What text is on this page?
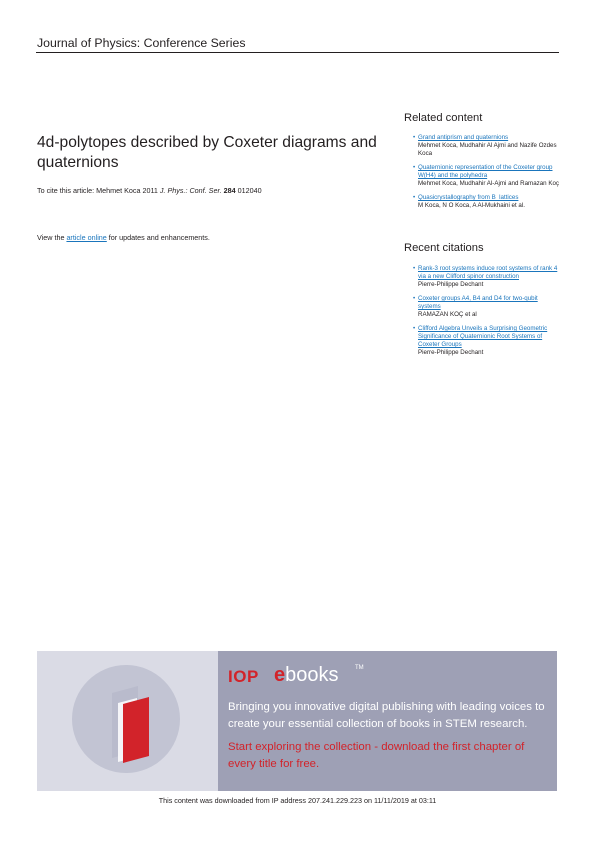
Journal of Physics: Conference Series
4d-polytopes described by Coxeter diagrams and quaternions
To cite this article: Mehmet Koca 2011 J. Phys.: Conf. Ser. 284 012040
View the article online for updates and enhancements.
Related content
• Grand antiprism and quaternions
Mehmet Koca, Mudhahir Al Ajmi and Nazife Ozdes Koca
• Quaternionic representation of the Coxeter group W(H4) and the polyhedra
Mehmet Koca, Mudhahir Al-Ajmi and Ramazan Koç
• Quasicrystallography from B_lattices
M Koca, N O Koca, A Al-Mukhaini et al.
Recent citations
• Rank-3 root systems induce root systems of rank 4 via a new Clifford spinor construction
Pierre-Philippe Dechant
• Coxeter groups A4, B4 and D4 for two-qubit systems
RAMAZAN KOÇ et al
• Clifford Algebra Unveils a Surprising Geometric Significance of Quaternionic Root Systems of Coxeter Groups
Pierre-Philippe Dechant
IOP ebooks	TM
Bringing you innovative digital publishing with leading voices to create your essential collection of books in STEM research.
Start exploring the collection - download the first chapter of every title for free.
This content was downloaded from IP address 207.241.229.223 on 11/11/2019 at 03:11
